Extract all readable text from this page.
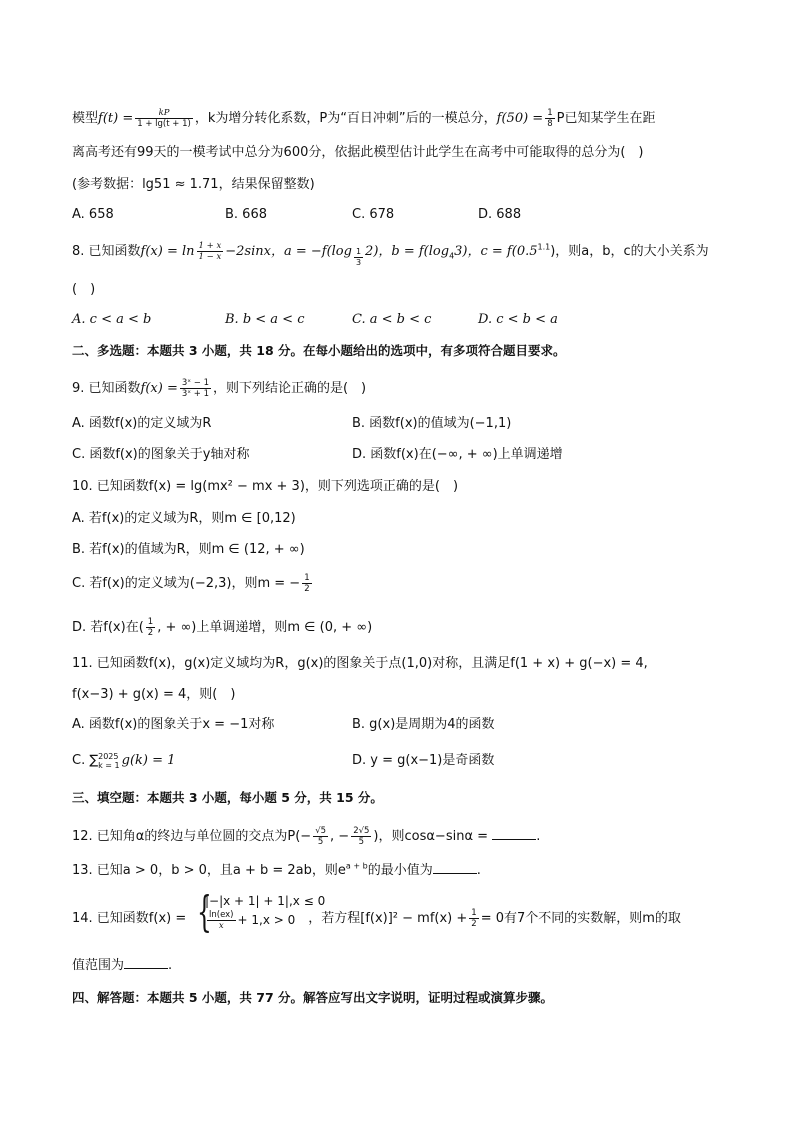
模型$f(t) = \frac{kP}{1 + \lg(t + 1)}$ ，k为增分转化系数，P为“百日冲刺”后的一模总分，$f(50) = \frac{1}{8}$ P已知某学生在距
离高考还有99天的一模考试中总分为600分，依据此模型估计此学生在高考中可能取得的总分为(　)
(参考数据：lg51 ≈ 1.71，结果保留整数)
A. 658	B. 668	C. 678	D. 688
8. 已知函数$f(x) = \ln \frac{1 + x}{1 - x} -2\sin x$，$a = -f(\log \frac{1}{3} 2)$，$b = f(\log_43)$，$c = f(0.5^{1.1})$，则a，b，c的大小关系为
(　)
A. c < a < b	B. b < a < c	C. a < b < c	D. c < b < a
二、多选题：本题共 3 小题，共 18 分。在每小题给出的选项中，有多项符合题目要求。
9. 已知函数$f(x) = \frac{\text{3ˣ − 1}}{\text{3ˣ + 1}}$ ，则下列结论正确的是(　)
A. 函数f(x)的定义域为R	B. 函数f(x)的值域为(−1,1)
C. 函数f(x)的图象关于y轴对称	D. 函数f(x)在(−∞, + ∞)上单调递增
10. 已知函数f(x) = lg(mx² − mx + 3)，则下列选项正确的是(　)
A. 若f(x)的定义域为R，则m ∈ [0,12)
B. 若f(x)的值域为R，则m ∈ (12, + ∞)
C. 若f(x)的定义域为(−2,3)，则m = − $\frac{1}{2}$
D. 若f(x)在( $\frac{1}{2}$ , + ∞)上单调递增，则m ∈ (0, + ∞)
11. 已知函数f(x)，g(x)定义域均为R，g(x)的图象关于点(1,0)对称，且满足f(1 + x) + g(−x) = 4,
f(x−3) + g(x) = 4，则(　)
A. 函数f(x)的图象关于x = −1对称	B. g(x)是周期为4的函数
C. ∑ 2025
k = 1 g(k) = 1	D. y = g(x−1)是奇函数
三、填空题：本题共 3 小题，每小题 5 分，共 15 分。
12. 已知角α的终边与单位圆的交点为$P(- \frac{√5}{5}$ , − $\frac{2√5}{5}$ )，则cosα−sinα =	.
13. 已知a > 0，b > 0，且a + b = 2ab，则$e^{a + b}$的最小值为	.
14. 已知函数f(x) =	，若方程$[f(x)]^2 - mf(x) + \frac{1}{2} = 0$有7个不同的实数解，则m的取
{
|−|x + 1| + 1|,x ≤ 0
$\frac{\ln(ex)}{x} + 1,x > 0$
值范围为	.
四、解答题：本题共 5 小题，共 77 分。解答应写出文字说明，证明过程或演算步骤。
